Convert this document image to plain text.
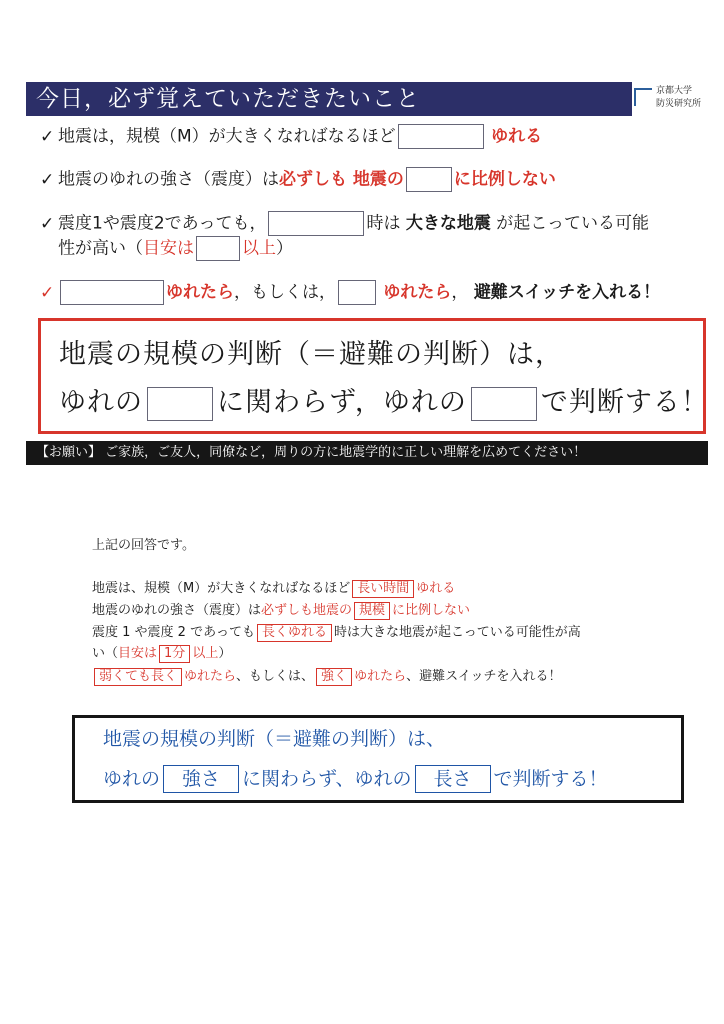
今日，必ず覚えていただきたいこと	京都大学
防災研究所
✓ 地震は，規模（M）が大きくなればなるほど	ゆれる
✓ 地震のゆれの強さ（震度）は必ずしも 地震の	に比例しない
✓ 震度1や震度2であっても，	時は 大きな地震 が起こっている可能
性が高い（目安は	以上）
✓	ゆれたら，もしくは，	ゆれたら， 避難スイッチを入れる！
地震の規模の判断（＝避難の判断）は，
ゆれの	に関わらず，ゆれの	で判断する！
【お願い】 ご家族，ご友人，同僚など，周りの方に地震学的に正しい理解を広めてください！
上記の回答です。
地震は、規模（M）が大きくなればなるほど 長い時間 ゆれる
地震のゆれの強さ（震度）は必ずしも地震の 規模 に比例しない
震度 1 や震度 2 であっても 長くゆれる 時は大きな地震が起こっている可能性が高
い（目安は 1分 以上）
弱くても長く ゆれたら、もしくは、 強く ゆれたら、避難スイッチを入れる！
地震の規模の判断（＝避難の判断）は、
ゆれの 強さ に関わらず、ゆれの 長さ で判断する！
